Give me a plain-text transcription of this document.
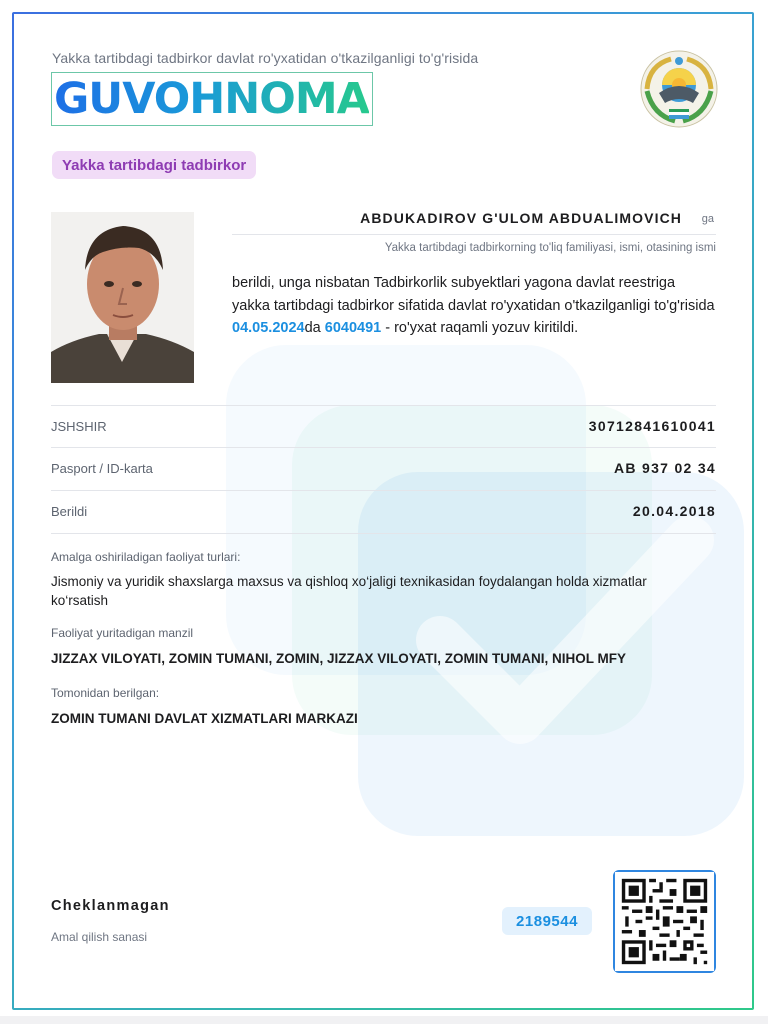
Yakka tartibdagi tadbirkor davlat ro'yxatidan o'tkazilganligi to'g'risida
GUVOHNOMA
Yakka tartibdagi tadbirkor
ABDUKADIROV G'ULOM ABDUALIMOVICH ga
Yakka tartibdagi tadbirkorning to'liq familiyasi, ismi, otasining ismi
berildi, unga nisbatan Tadbirkorlik subyektlari yagona davlat reestriga yakka tartibdagi tadbirkor sifatida davlat ro'yxatidan o'tkazilganligi to'g'risida 04.05.2024da 6040491 - ro'yxat raqamli yozuv kiritildi.
JSHSHIR	30712841610041
Pasport / ID-karta	AB 937 02 34
Berildi	20.04.2018
Amalga oshiriladigan faoliyat turlari:
Jismoniy va yuridik shaxslarga maxsus va qishloq xo‘jaligi texnikasidan foydalangan holda xizmatlar ko‘rsatish
Faoliyat yuritadigan manzil
JIZZAX VILOYATI, ZOMIN TUMANI, ZOMIN, JIZZAX VILOYATI, ZOMIN TUMANI, NIHOL MFY
Tomonidan berilgan:
ZOMIN TUMANI DAVLAT XIZMATLARI MARKAZI
Cheklanmagan
Amal qilish sanasi
2189544
